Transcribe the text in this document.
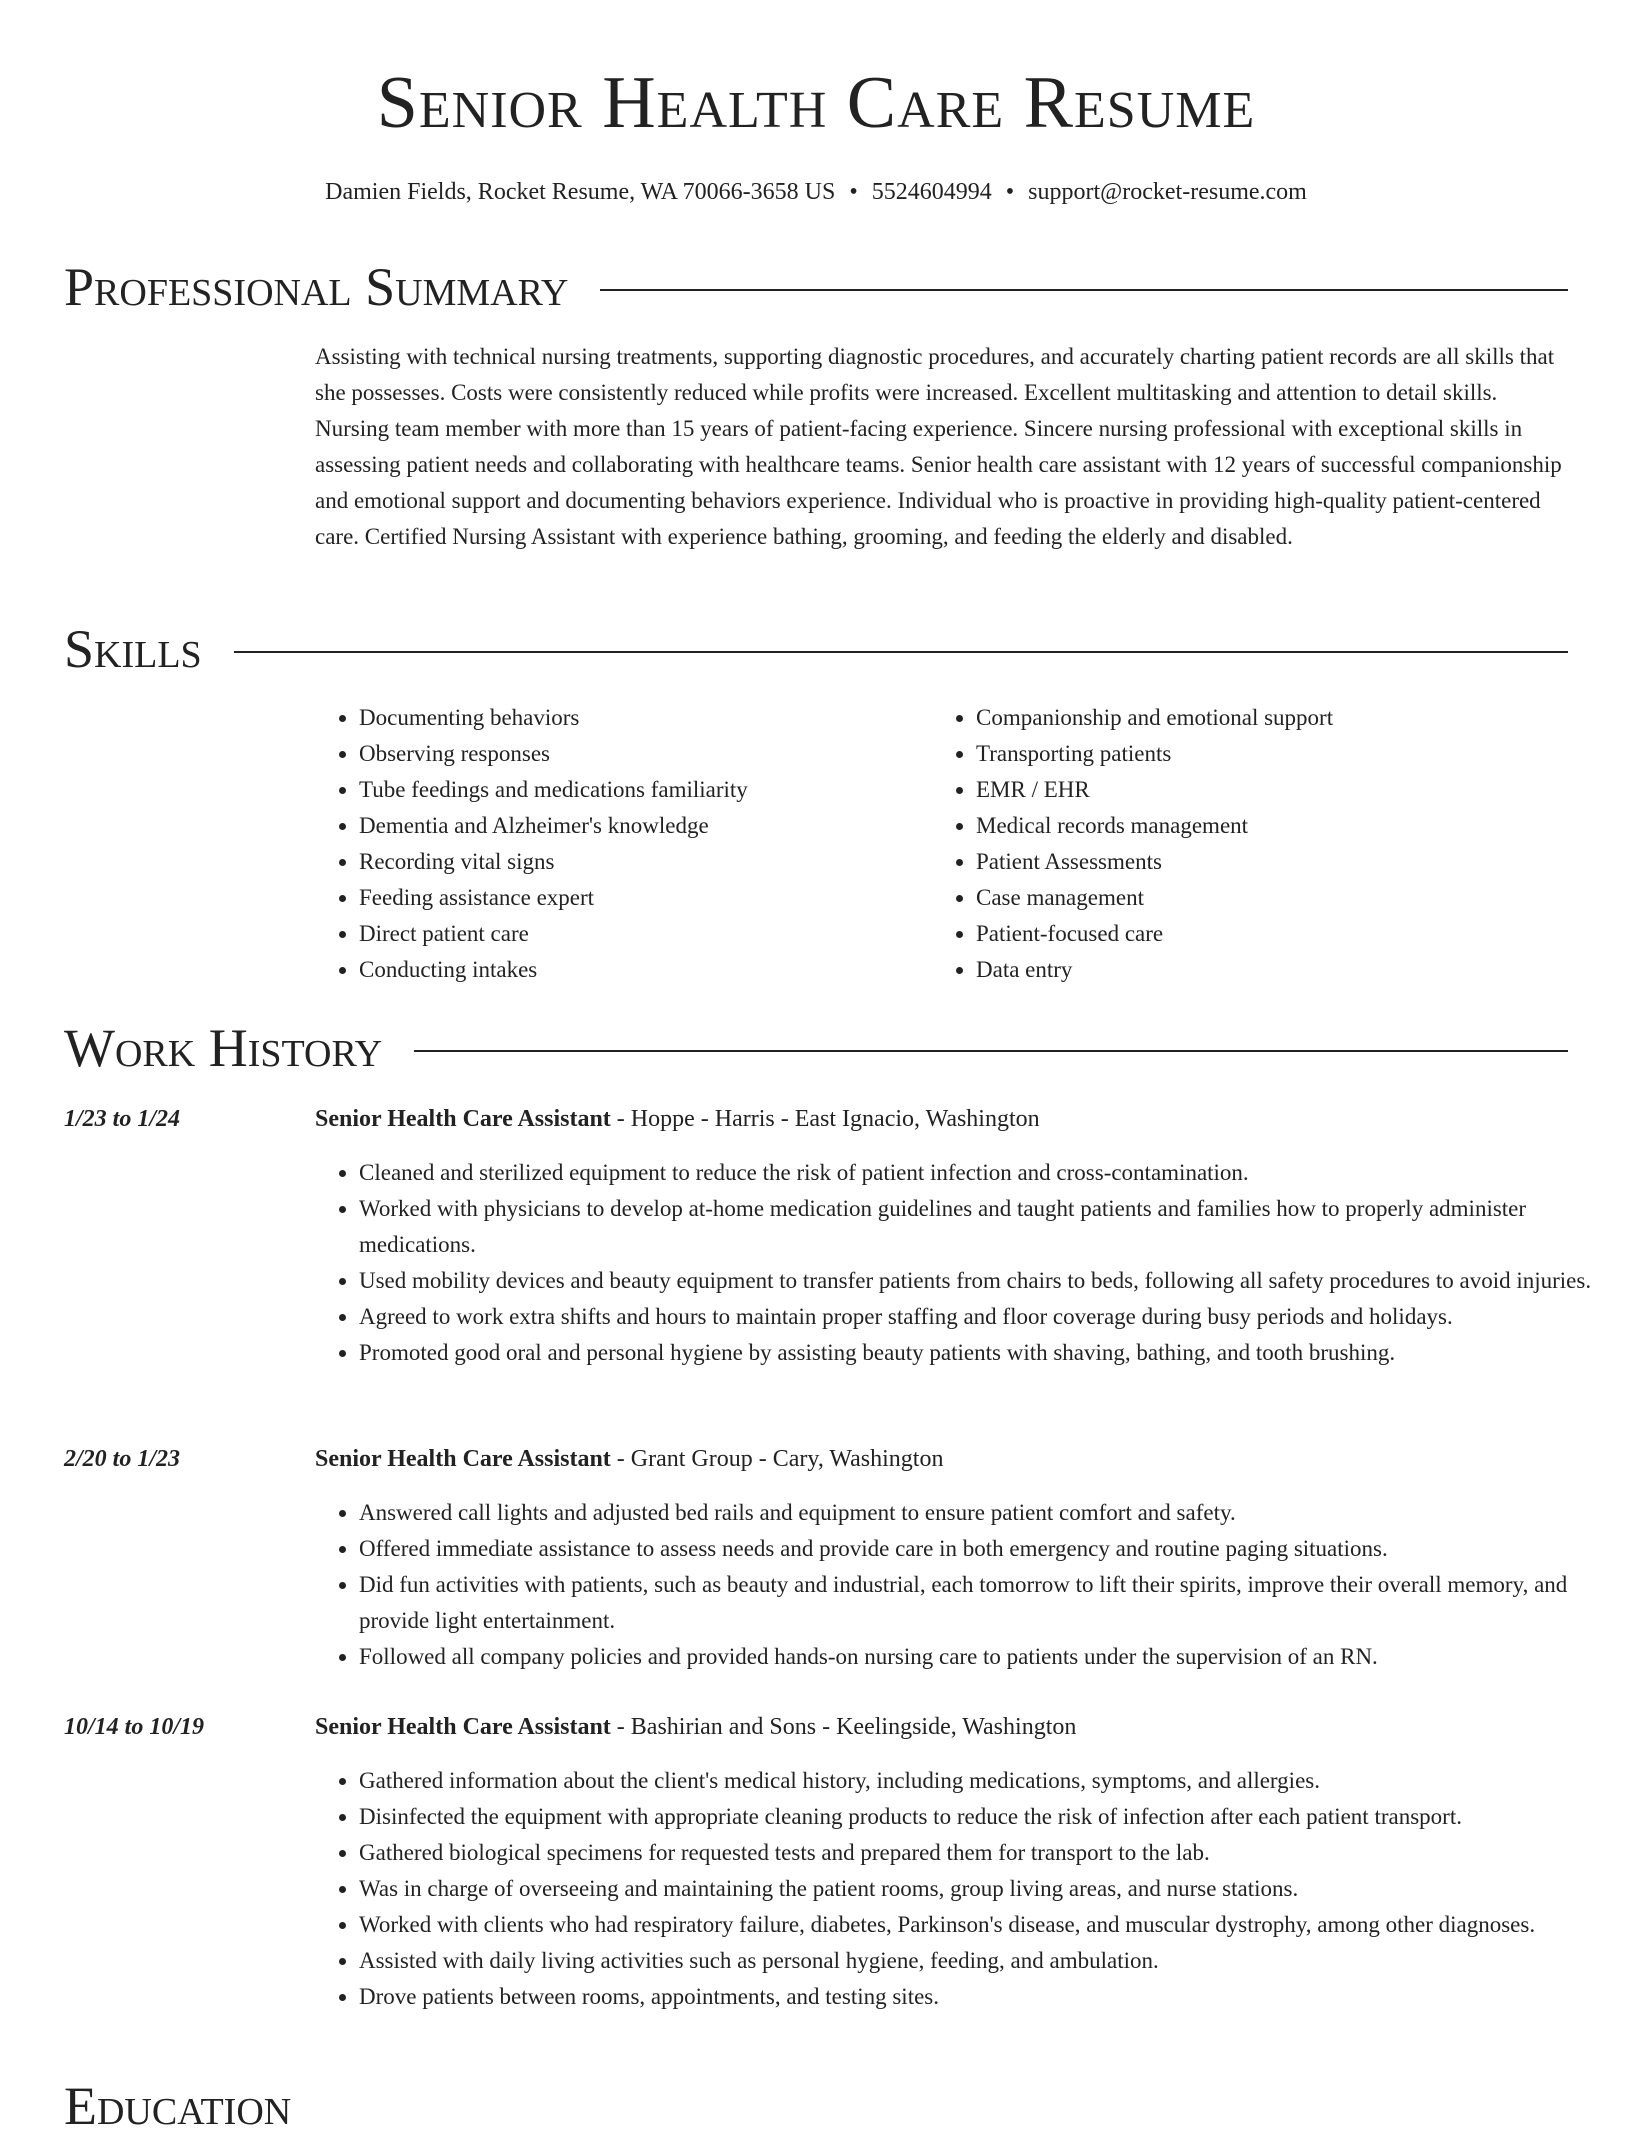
Senior Health Care Resume
Damien Fields, Rocket Resume, WA 70066-3658 US • 5524604994 • support@rocket-resume.com
Professional Summary

Assisting with technical nursing treatments, supporting diagnostic procedures, and accurately charting patient records are all skills that she possesses. Costs were consistently reduced while profits were increased. Excellent multitasking and attention to detail skills. Nursing team member with more than 15 years of patient-facing experience. Sincere nursing professional with exceptional skills in assessing patient needs and collaborating with healthcare teams. Senior health care assistant with 12 years of successful companionship and emotional support and documenting behaviors experience. Individual who is proactive in providing high-quality patient-centered care. Certified Nursing Assistant with experience bathing, grooming, and feeding the elderly and disabled.

Skills
• Documenting behaviors
• Observing responses
• Tube feedings and medications familiarity
• Dementia and Alzheimer's knowledge
• Recording vital signs
• Feeding assistance expert
• Direct patient care
• Conducting intakes
• Companionship and emotional support
• Transporting patients
• EMR / EHR
• Medical records management
• Patient Assessments
• Case management
• Patient-focused care
• Data entry
Work History
1/23 to 1/24	Senior Health Care Assistant - Hoppe - Harris - East Ignacio, Washington
• Cleaned and sterilized equipment to reduce the risk of patient infection and cross-contamination.
• Worked with physicians to develop at-home medication guidelines and taught patients and families how to properly administer medications.
• Used mobility devices and beauty equipment to transfer patients from chairs to beds, following all safety procedures to avoid injuries.
• Agreed to work extra shifts and hours to maintain proper staffing and floor coverage during busy periods and holidays.
• Promoted good oral and personal hygiene by assisting beauty patients with shaving, bathing, and tooth brushing.
2/20 to 1/23	Senior Health Care Assistant - Grant Group - Cary, Washington
• Answered call lights and adjusted bed rails and equipment to ensure patient comfort and safety.
• Offered immediate assistance to assess needs and provide care in both emergency and routine paging situations.
• Did fun activities with patients, such as beauty and industrial, each tomorrow to lift their spirits, improve their overall memory, and provide light entertainment.
• Followed all company policies and provided hands-on nursing care to patients under the supervision of an RN.
10/14 to 10/19	Senior Health Care Assistant - Bashirian and Sons - Keelingside, Washington
• Gathered information about the client's medical history, including medications, symptoms, and allergies.
• Disinfected the equipment with appropriate cleaning products to reduce the risk of infection after each patient transport.
• Gathered biological specimens for requested tests and prepared them for transport to the lab.
• Was in charge of overseeing and maintaining the patient rooms, group living areas, and nurse stations.
• Worked with clients who had respiratory failure, diabetes, Parkinson's disease, and muscular dystrophy, among other diagnoses.
• Assisted with daily living activities such as personal hygiene, feeding, and ambulation.
• Drove patients between rooms, appointments, and testing sites.
Education
